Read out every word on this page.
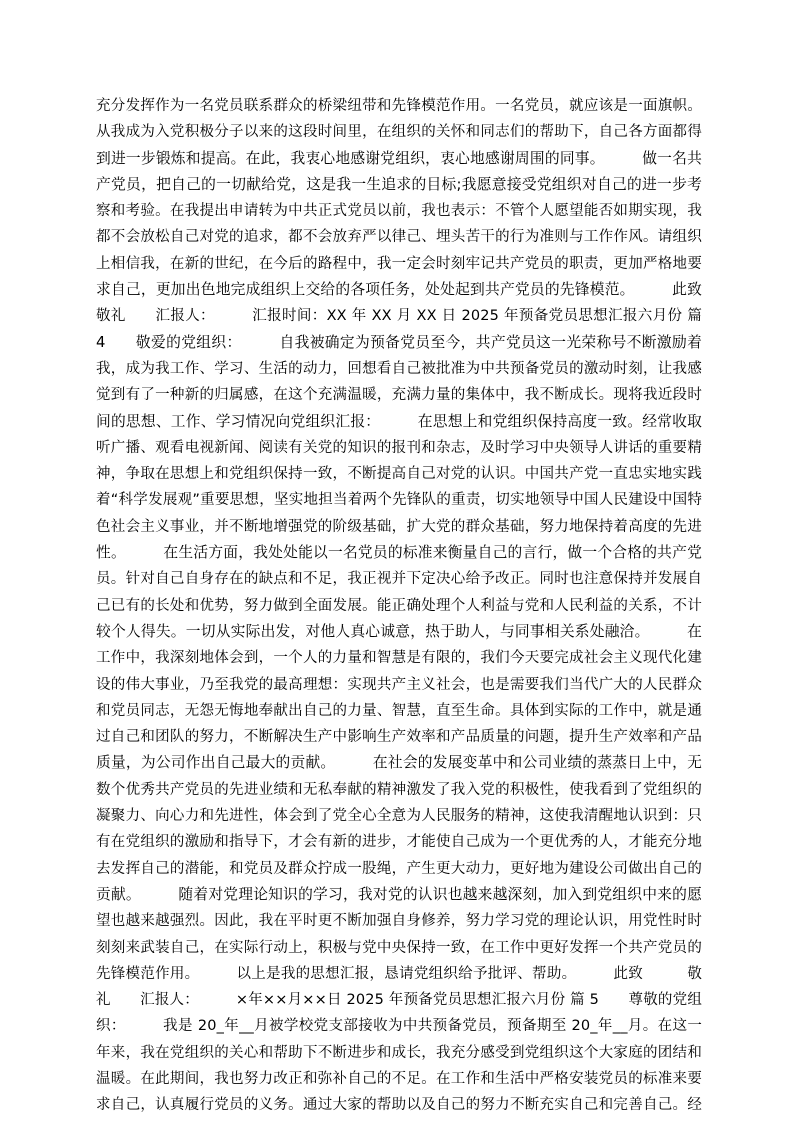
充分发挥作为一名党员联系群众的桥梁纽带和先锋模范作用。一名党员，就应该是一面旗帜。
从我成为入党积极分子以来的这段时间里，在组织的关怀和同志们的帮助下，自己各方面都得
到进一步锻炼和提高。在此，我衷心地感谢党组织，衷心地感谢周围的同事。　　　做一名共
产党员，把自己的一切献给党，这是我一生追求的目标;我愿意接受党组织对自己的进一步考
察和考验。在我提出申请转为中共正式党员以前，我也表示：不管个人愿望能否如期实现，我
都不会放松自己对党的追求，都不会放弃严以律己、埋头苦干的行为准则与工作作风。请组织
上相信我，在新的世纪，在今后的路程中，我一定会时刻牢记共产党员的职责，更加严格地要
求自己，更加出色地完成组织上交给的各项任务，处处起到共产党员的先锋模范。　　　此致
敬礼　　汇报人：　　　汇报时间：XX 年 XX 月 XX 日 2025 年预备党员思想汇报六月份 篇
4　　敬爱的党组织：　　　自我被确定为预备党员至今，共产党员这一光荣称号不断激励着
我，成为我工作、学习、生活的动力，回想看自己被批准为中共预备党员的激动时刻，让我感
觉到有了一种新的归属感，在这个充满温暖，充满力量的集体中，我不断成长。现将我近段时
间的思想、工作、学习情况向党组织汇报：　　　在思想上和党组织保持高度一致。经常收取
听广播、观看电视新闻、阅读有关党的知识的报刊和杂志，及时学习中央领导人讲话的重要精
神，争取在思想上和党组织保持一致，不断提高自己对党的认识。中国共产党一直忠实地实践
着“科学发展观”重要思想，坚实地担当着两个先锋队的重责，切实地领导中国人民建设中国特
色社会主义事业，并不断地增强党的阶级基础，扩大党的群众基础，努力地保持着高度的先进
性。　　　在生活方面，我处处能以一名党员的标准来衡量自己的言行，做一个合格的共产党
员。针对自己自身存在的缺点和不足，我正视并下定决心给予改正。同时也注意保持并发展自
己已有的长处和优势，努力做到全面发展。能正确处理个人利益与党和人民利益的关系，不计
较个人得失。一切从实际出发，对他人真心诚意，热于助人，与同事相关系处融洽。　　　在
工作中，我深刻地体会到，一个人的力量和智慧是有限的，我们今天要完成社会主义现代化建
设的伟大事业，乃至我党的最高理想：实现共产主义社会，也是需要我们当代广大的人民群众
和党员同志，无怨无悔地奉献出自己的力量、智慧，直至生命。具体到实际的工作中，就是通
过自己和团队的努力，不断解决生产中影响生产效率和产品质量的问题，提升生产效率和产品
质量，为公司作出自己最大的贡献。　　　在社会的发展变革中和公司业绩的蒸蒸日上中，无
数个优秀共产党员的先进业绩和无私奉献的精神激发了我入党的积极性，使我看到了党组织的
凝聚力、向心力和先进性，体会到了党全心全意为人民服务的精神，这使我清醒地认识到：只
有在党组织的激励和指导下，才会有新的进步，才能使自己成为一个更优秀的人，才能充分地
去发挥自己的潜能，和党员及群众拧成一股绳，产生更大动力，更好地为建设公司做出自己的
贡献。　　　随着对党理论知识的学习，我对党的认识也越来越深刻，加入到党组织中来的愿
望也越来越强烈。因此，我在平时更不断加强自身修养，努力学习党的理论认识，用党性时时
刻刻来武装自己，在实际行动上，积极与党中央保持一致，在工作中更好发挥一个共产党员的
先锋模范作用。　　　以上是我的思想汇报，恳请党组织给予批评、帮助。　　　此致　　　敬
礼　　汇报人：　　　×年××月××日 2025 年预备党员思想汇报六月份 篇 5　　尊敬的党组
织：　　　我是 20_年__月被学校党支部接收为中共预备党员，预备期至 20_年__月。在这一
年来，我在党组织的关心和帮助下不断进步和成长，我充分感受到党组织这个大家庭的团结和
温暖。在此期间，我也努力改正和弥补自己的不足。在工作和生活中严格安装党员的标准来要
求自己，认真履行党员的义务。通过大家的帮助以及自己的努力不断充实自己和完善自己。经
